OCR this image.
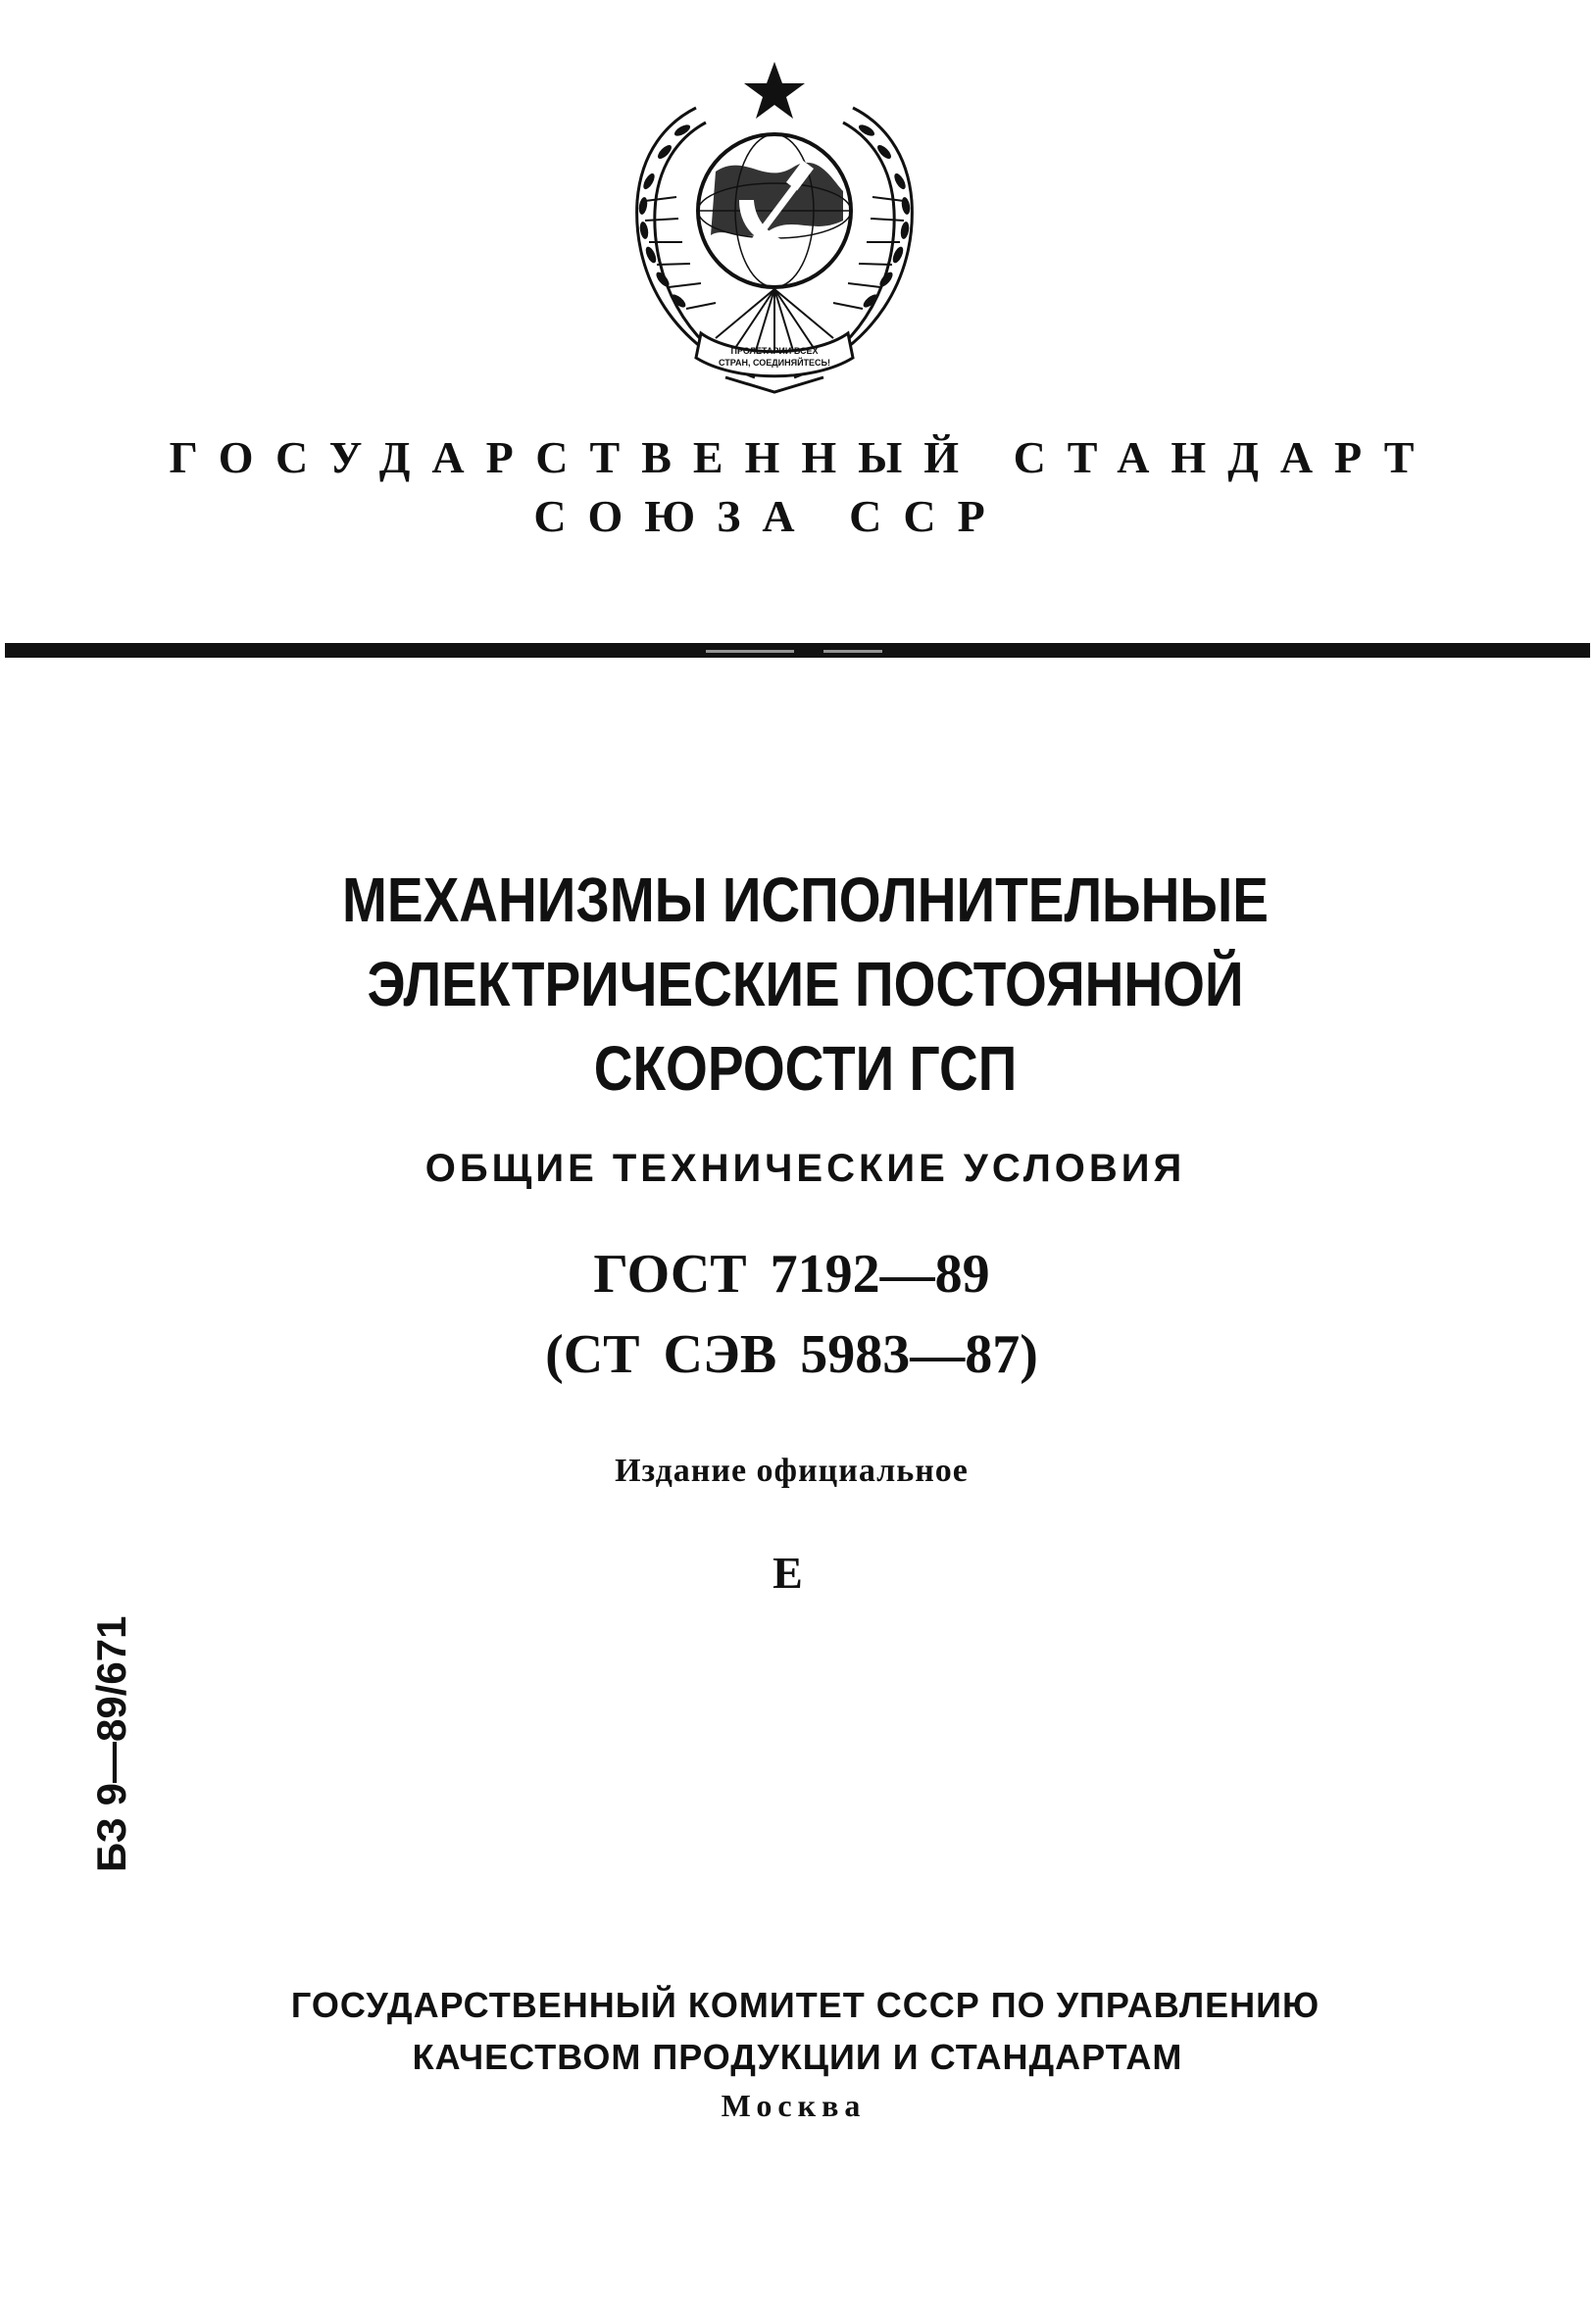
ПРОЛЕТАРИИ ВСЕХ
СТРАН, СОЕДИНЯЙТЕСЬ!
ГОСУДАРСТВЕННЫЙ СТАНДАРТ
СОЮЗА ССР
МЕХАНИЗМЫ ИСПОЛНИТЕЛЬНЫЕ
ЭЛЕКТРИЧЕСКИЕ ПОСТОЯННОЙ
СКОРОСТИ ГСП
ОБЩИЕ ТЕХНИЧЕСКИЕ УСЛОВИЯ
ГОСТ 7192—89
(СТ СЭВ 5983—87)
Издание официальное
Е
БЗ 9—89/671
ГОСУДАРСТВЕННЫЙ КОМИТЕТ СССР ПО УПРАВЛЕНИЮ
КАЧЕСТВОМ ПРОДУКЦИИ И СТАНДАРТАМ
Москва
